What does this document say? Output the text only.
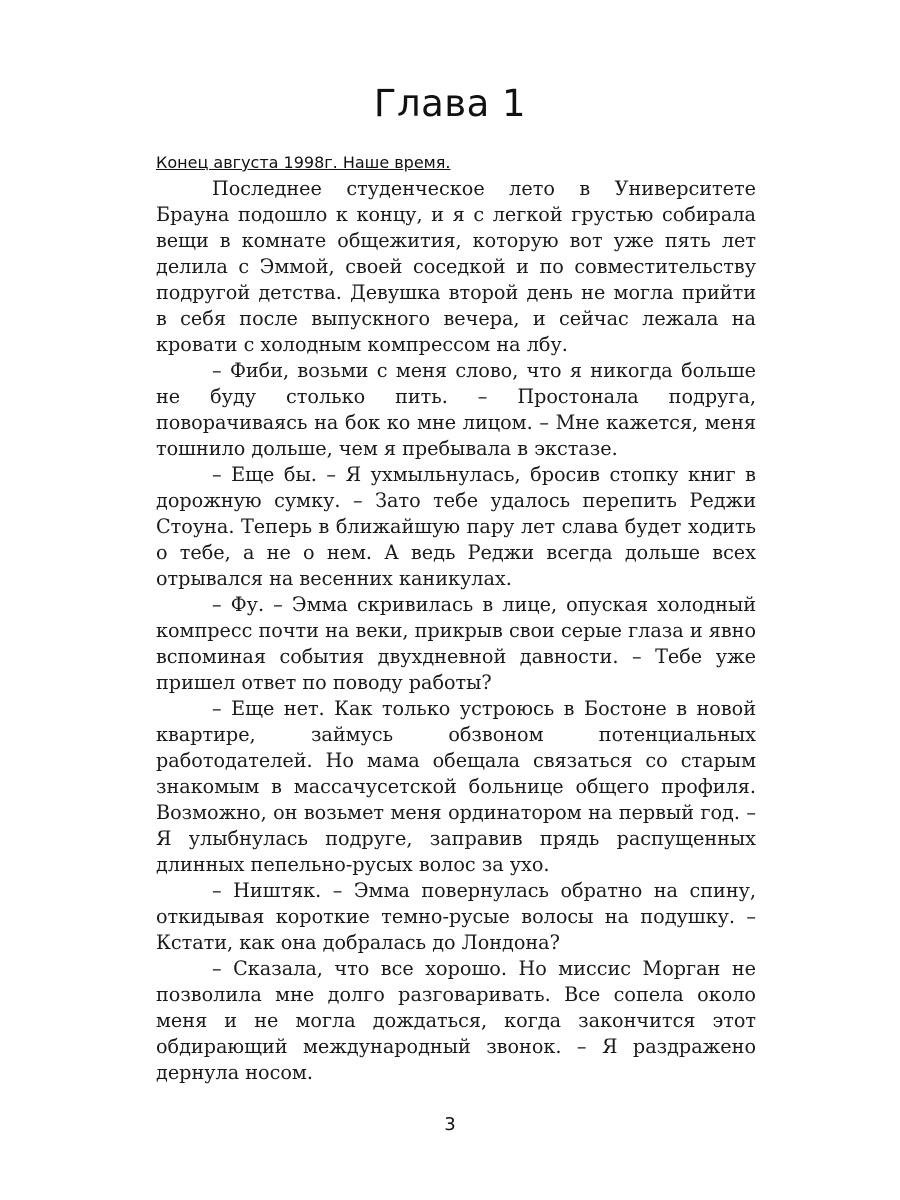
Глава 1

Конец августа 1998г. Наше время.

Последнее студенческое лето в Университете Брауна подошло к концу, и я с легкой грустью собирала вещи в комнате общежития, которую вот уже пять лет делила с Эммой, своей соседкой и по совместительству подругой детства. Девушка второй день не могла прийти в себя после выпускного вечера, и сейчас лежала на кровати с холодным компрессом на лбу.

– Фиби, возьми с меня слово, что я никогда больше не буду столько пить. – Простонала подруга, поворачиваясь на бок ко мне лицом. – Мне кажется, меня тошнило дольше, чем я пребывала в экстазе.

– Еще бы. – Я ухмыльнулась, бросив стопку книг в дорожную сумку. – Зато тебе удалось перепить Реджи Стоуна. Теперь в ближайшую пару лет слава будет ходить о тебе, а не о нем. А ведь Реджи всегда дольше всех отрывался на весенних каникулах.

– Фу. – Эмма скривилась в лице, опуская холодный компресс почти на веки, прикрыв свои серые глаза и явно вспоминая события двухдневной давности. – Тебе уже пришел ответ по поводу работы?

– Еще нет. Как только устроюсь в Бостоне в новой квартире, займусь обзвоном потенциальных работодателей. Но мама обещала связаться со старым знакомым в массачусетской больнице общего профиля. Возможно, он возьмет меня ординатором на первый год. – Я улыбнулась подруге, заправив прядь распущенных длинных пепельно-русых волос за ухо.

– Ништяк. – Эмма повернулась обратно на спину, откидывая короткие темно-русые волосы на подушку. – Кстати, как она добралась до Лондона?

– Сказала, что все хорошо. Но миссис Морган не позволила мне долго разговаривать. Все сопела около меня и не могла дождаться, когда закончится этот обдирающий международный звонок. – Я раздражено дернула носом.

3
